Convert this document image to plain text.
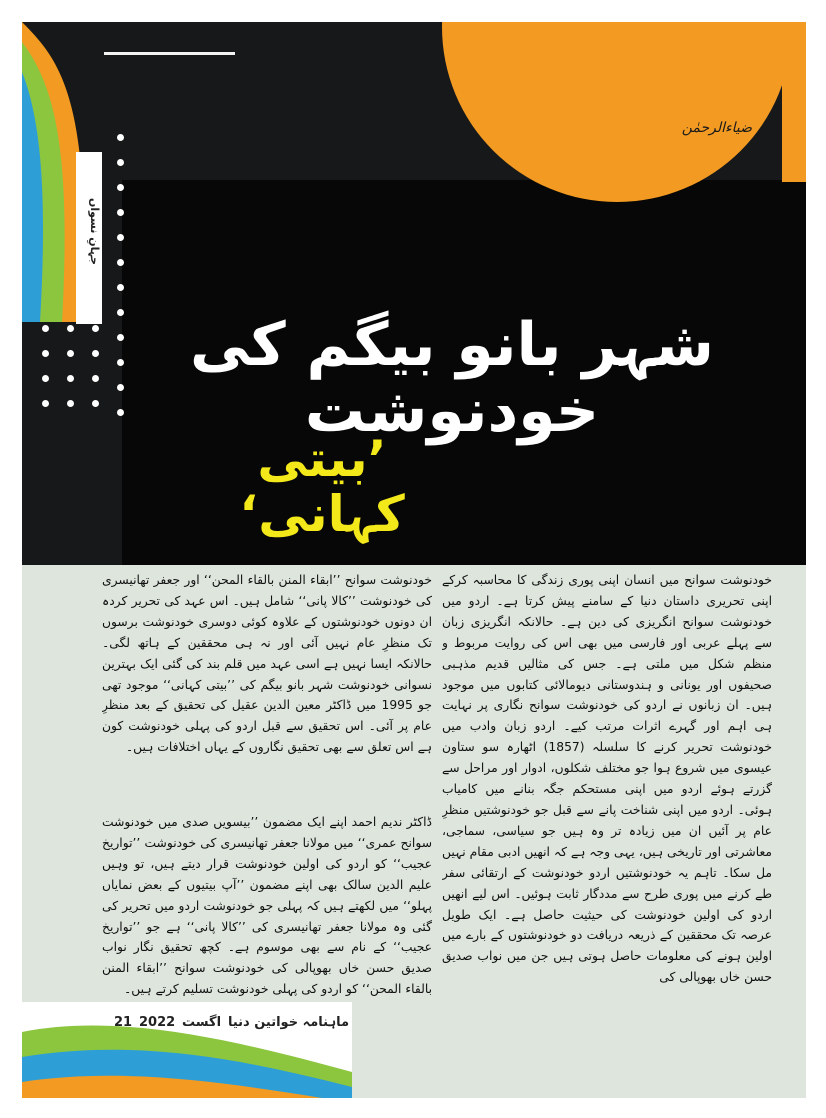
جہانِ نسواں
ضیاءالرحمٰن
شہر بانو بیگم کی خودنوشت
’بیتی کہانی‘

خودنوشت سوانح میں انسان اپنی پوری زندگی کا محاسبہ کرکے اپنی تحریری داستان دنیا کے سامنے پیش کرتا ہے۔ اردو میں خودنوشت سوانح انگریزی کی دین ہے۔ حالانکہ انگریزی زبان سے پہلے عربی اور فارسی میں بھی اس کی روایت مربوط و منظم شکل میں ملتی ہے۔ جس کی مثالیں قدیم مذہبی صحیفوں اور یونانی و ہندوستانی دیومالائی کتابوں میں موجود ہیں۔ ان زبانوں نے اردو کی خودنوشت سوانح نگاری پر نہایت ہی اہم اور گہرے اثرات مرتب کیے۔ اردو زبان وادب میں خودنوشت تحریر کرنے کا سلسلہ (1857) اٹھارہ سو ستاون عیسوی میں شروع ہوا جو مختلف شکلوں، ادوار اور مراحل سے گزرتے ہوئے اردو میں اپنی مستحکم جگہ بنانے میں کامیاب ہوئی۔ اردو میں اپنی شناخت پانے سے قبل جو خودنوشتیں منظرِ عام پر آئیں ان میں زیادہ تر وہ ہیں جو سیاسی، سماجی، معاشرتی اور تاریخی ہیں، یہی وجہ ہے کہ انھیں ادبی مقام نہیں مل سکا۔ تاہم یہ خودنوشتیں اردو خودنوشت کے ارتقائی سفر طے کرنے میں پوری طرح سے مددگار ثابت ہوئیں۔ اس لیے انھیں اردو کی اولین خودنوشت کی حیثیت حاصل ہے۔ ایک طویل عرصہ تک محققین کے ذریعہ دریافت دو خودنوشتوں کے بارے میں اولین ہونے کی معلومات حاصل ہوتی ہیں جن میں نواب صدیق حسن خاں بھوپالی کی

خودنوشت سوانح ’’ابقاء المنن بالقاء المحن‘‘ اور جعفر تھانیسری کی خودنوشت ’’کالا پانی‘‘ شامل ہیں۔ اس عہد کی تحریر کردہ ان دونوں خودنوشتوں کے علاوہ کوئی دوسری خودنوشت برسوں تک منظرِ عام نہیں آئی اور نہ ہی محققین کے ہاتھ لگی۔ حالانکہ ایسا نہیں ہے اسی عہد میں قلم بند کی گئی ایک بہترین نسوانی خودنوشت شہر بانو بیگم کی ’’بیتی کہانی‘‘ موجود تھی جو 1995 میں ڈاکٹر معین الدین عقیل کی تحقیق کے بعد منظرِ عام پر آئی۔ اس تحقیق سے قبل اردو کی پہلی خودنوشت کون ہے اس تعلق سے بھی تحقیق نگاروں کے یہاں اختلافات ہیں۔

ڈاکٹر ندیم احمد اپنے ایک مضمون ’’بیسویں صدی میں خودنوشت سوانح عمری‘‘ میں مولانا جعفر تھانیسری کی خودنوشت ’’تواریخ عجیب‘‘ کو اردو کی اولین خودنوشت قرار دیتے ہیں، تو وہیں علیم الدین سالک بھی اپنے مضمون ’’آپ بیتیوں کے بعض نمایاں پہلو‘‘ میں لکھتے ہیں کہ پہلی جو خودنوشت اردو میں تحریر کی گئی وہ مولانا جعفر تھانیسری کی ’’کالا پانی‘‘ ہے جو ’’تواریخ عجیب‘‘ کے نام سے بھی موسوم ہے۔ کچھ تحقیق نگار نواب صدیق حسن خاں بھوپالی کی خودنوشت سوانح ’’ابقاء المنن بالقاء المحن‘‘ کو اردو کی پہلی خودنوشت تسلیم کرتے ہیں۔

ماہنامہ خواتین دنیا
اگست
2022
21
